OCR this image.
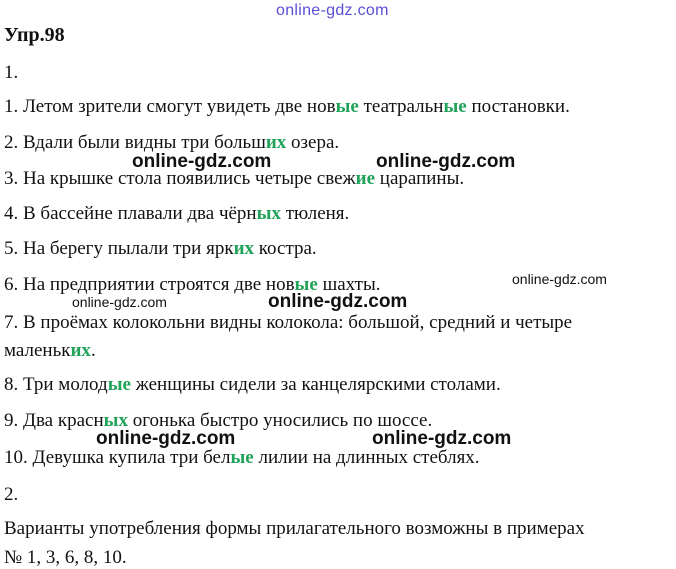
online-gdz.com
Упр.98
1.
1. Летом зрители смогут увидеть две новые театральные постановки.
2. Вдали были видны три больших озера.
3. На крышке стола появились четыре свежие царапины.
4. В бассейне плавали два чёрных тюленя.
5. На берегу пылали три ярких костра.
6. На предприятии строятся две новые шахты.
7. В проёмах колокольни видны колокола: большой, средний и четыре
маленьких.
8. Три молодые женщины сидели за канцелярскими столами.
9. Два красных огонька быстро уносились по шоссе.
10. Девушка купила три белые лилии на длинных стеблях.
2.
Варианты употребления формы прилагательного возможны в примерах
№ 1, 3, 6, 8, 10.
online-gdz.com	online-gdz.com
online-gdz.com
online-gdz.com	online-gdz.com
online-gdz.com	online-gdz.com
